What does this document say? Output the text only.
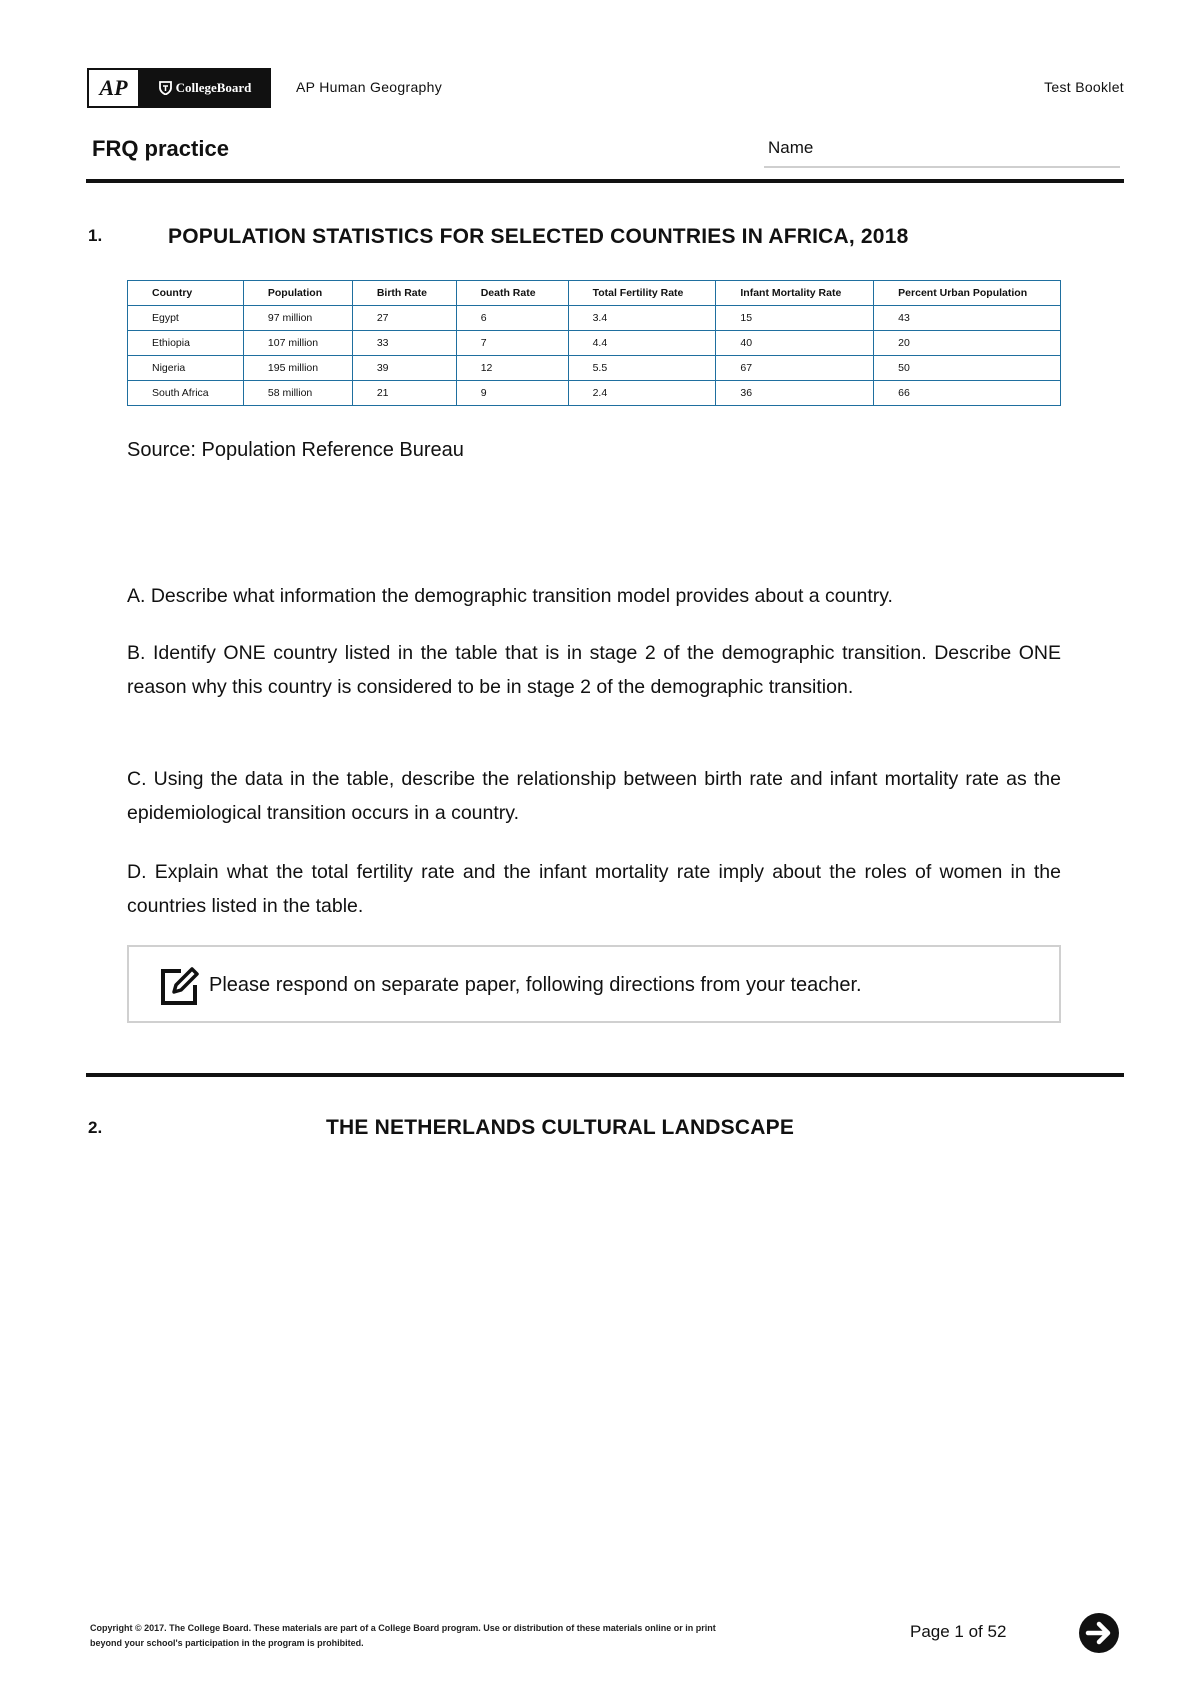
AP	CollegeBoard	AP Human Geography	Test Booklet
FRQ practice	Name
1.	POPULATION STATISTICS FOR SELECTED COUNTRIES IN AFRICA, 2018
Country	Population	Birth Rate	Death Rate	Total Fertility Rate	Infant Mortality Rate	Percent Urban Population
Egypt	97 million	27	6	3.4	15	43
Ethiopia	107 million	33	7	4.4	40	20
Nigeria	195 million	39	12	5.5	67	50
South Africa	58 million	21	9	2.4	36	66
Source: Population Reference Bureau
A. Describe what information the demographic transition model provides about a country.
B. Identify ONE country listed in the table that is in stage 2 of the demographic transition. Describe ONE reason why this country is considered to be in stage 2 of the demographic transition.
C. Using the data in the table, describe the relationship between birth rate and infant mortality rate as the epidemiological transition occurs in a country.
D. Explain what the total fertility rate and the infant mortality rate imply about the roles of women in the countries listed in the table.
Please respond on separate paper, following directions from your teacher.
2.	THE NETHERLANDS CULTURAL LANDSCAPE
Copyright © 2017. The College Board. These materials are part of a College Board program. Use or distribution of these materials online or in print
beyond your school's participation in the program is prohibited.
Page 1 of 52
